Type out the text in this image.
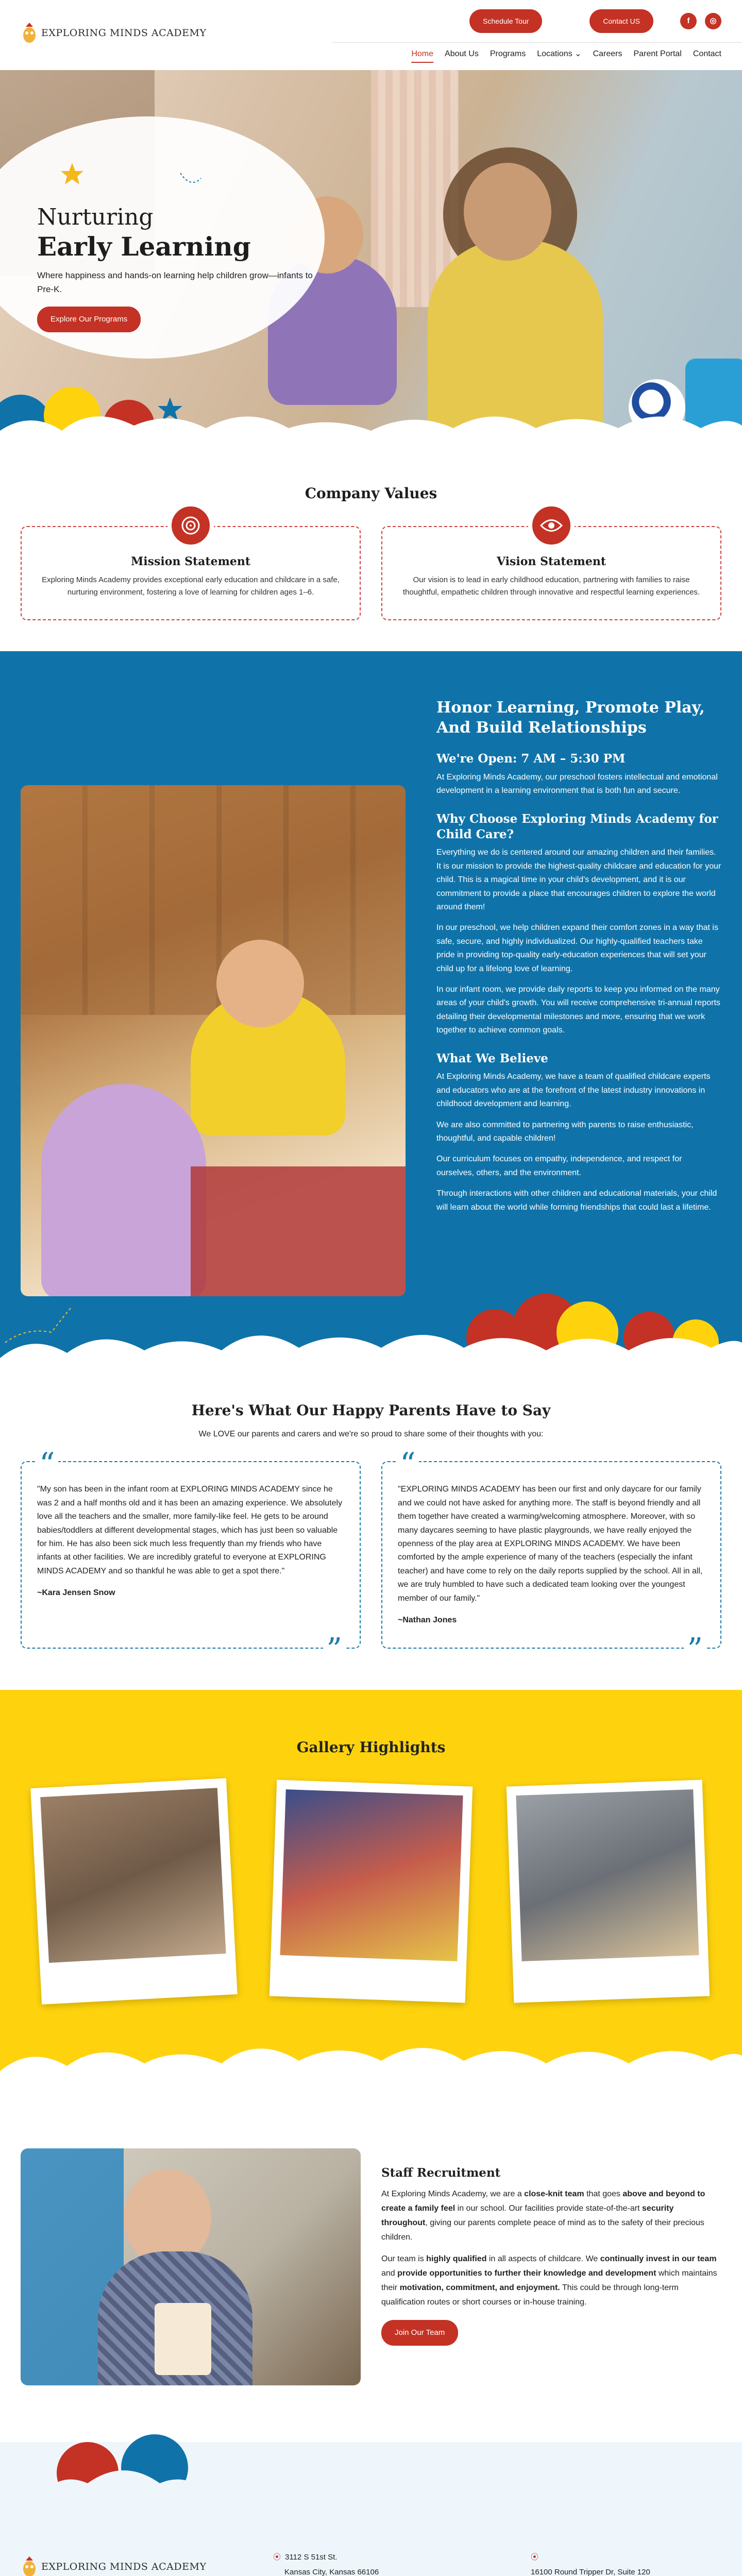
EXPLORING MINDS ACADEMY
Schedule Tour	Contact US	f	◎
Home About Us Programs Locations ⌄ Careers Parent Portal Contact
Nurturing
Early Learning

Where happiness and hands-on learning help children grow—infants to Pre-K.

Explore Our Programs
Company Values
Mission Statement

Exploring Minds Academy provides exceptional early education and childcare in a safe, nurturing environment, fostering a love of learning for children ages 1–6.

Vision Statement

Our vision is to lead in early childhood education, partnering with families to raise thoughtful, empathetic children through innovative and respectful learning experiences.

Honor Learning, Promote Play, And Build Relationships
We're Open: 7 AM – 5:30 PM

At Exploring Minds Academy, our preschool fosters intellectual and emotional development in a learning environment that is both fun and secure.

Why Choose Exploring Minds Academy for Child Care?

Everything we do is centered around our amazing children and their families. It is our mission to provide the highest-quality childcare and education for your child. This is a magical time in your child's development, and it is our commitment to provide a place that encourages children to explore the world around them!

In our preschool, we help children expand their comfort zones in a way that is safe, secure, and highly individualized. Our highly-qualified teachers take pride in providing top-quality early-education experiences that will set your child up for a lifelong love of learning.

In our infant room, we provide daily reports to keep you informed on the many areas of your child's growth. You will receive comprehensive tri-annual reports detailing their developmental milestones and more, ensuring that we work together to achieve common goals.

What We Believe

At Exploring Minds Academy, we have a team of qualified childcare experts and educators who are at the forefront of the latest industry innovations in childhood development and learning.

We are also committed to partnering with parents to raise enthusiastic, thoughtful, and capable children!

Our curriculum focuses on empathy, independence, and respect for ourselves, others, and the environment.

Through interactions with other children and educational materials, your child will learn about the world while forming friendships that could last a lifetime.

Here's What Our Happy Parents Have to Say

We LOVE our parents and carers and we're so proud to share some of their thoughts with you:

“

"My son has been in the infant room at EXPLORING MINDS ACADEMY since he was 2 and a half months old and it has been an amazing experience. We absolutely love all the teachers and the smaller, more family-like feel. He gets to be around babies/toddlers at different developmental stages, which has just been so valuable for him. He has also been sick much less frequently than my friends who have infants at other facilities. We are incredibly grateful to everyone at EXPLORING MINDS ACADEMY and so thankful he was able to get a spot there."

~Kara Jensen Snow

”
“

"EXPLORING MINDS ACADEMY has been our first and only daycare for our family and we could not have asked for anything more. The staff is beyond friendly and all them together have created a warming/welcoming atmosphere. Moreover, with so many daycares seeming to have plastic playgrounds, we have really enjoyed the openness of the play area at EXPLORING MINDS ACADEMY. We have been comforted by the ample experience of many of the teachers (especially the infant teacher) and have come to rely on the daily reports supplied by the school. All in all, we are truly humbled to have such a dedicated team looking over the youngest member of our family."

~Nathan Jones

”
Gallery Highlights
Staff Recruitment

At Exploring Minds Academy, we are a close-knit team that goes above and beyond to create a family feel in our school. Our facilities provide state-of-the-art security throughout, giving our parents complete peace of mind as to the safety of their precious children.

Our team is highly qualified in all aspects of childcare. We continually invest in our team and provide opportunities to further their knowledge and development which maintains their motivation, commitment, and enjoyment. This could be through long-term qualification routes or short courses or in-house training.

Join Our Team
EXPLORING MINDS ACADEMY
⦿ 3112 S 51st St.
Kansas City, Kansas 66106
⦿
16100 Round Tripper Dr, Suite 120
